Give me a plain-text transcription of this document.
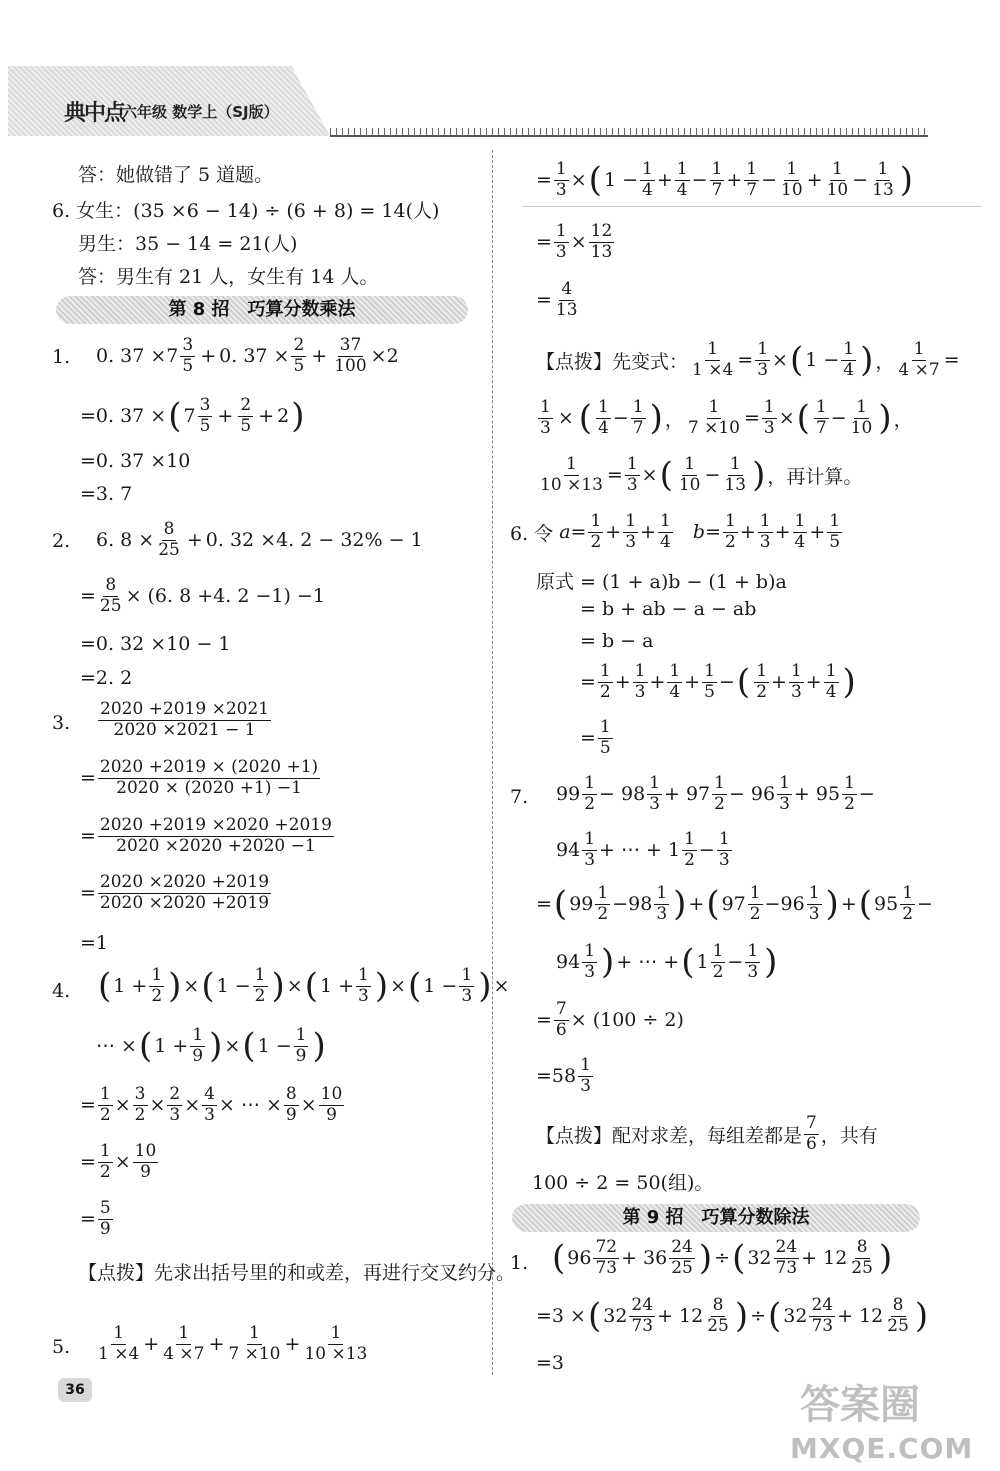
典中点
六年级 数学上（SJ版）
答：她做错了 5 道题。
6. 女生：(35 ×6 − 14) ÷ (6 + 8) = 14(人)
男生：35 − 14 = 21(人)
答：男生有 21 人，女生有 14 人。
第 8 招　巧算分数乘法
1. 0. 37 ×7
3
5 + 0. $37 \times \frac{2}{5} + \frac{37}{100} \times 2$
=0. 37 × ( 7
3
$5 + \frac{2}{5} + 2$ )
=0. 37 ×10
=3. 7
2. 6. 8 ×
8
25 + 0. 32 ×4. 2 − 32% − 1
=
8
25 × (6. 8 +4. 2 −1) −1
=0. 32 ×10 − 1
=2. 2
3.
2020 +2019 ×2021
2020 ×2021 − 1
=
2020 +2019 × (2020 +1)
2020 × (2020 +1) −1
=
2020 +2019 ×2020 +2019
2020 ×2020 +2020 −1
=
2020 ×2020 +2019
2020 ×2020 +2019
=1
4. ( 1 +
1
2 ) × ( 1 −
1
2 ) × ( 1 +
1
3 ) × ( 1 −
1
3 ) ×
⋯ × ( 1 +
1
9 ) × ( 1 −
1
9 )
=
1
2 ×
3
2 ×
2
3 ×
4
3 × ⋯ ×
8
9 ×
10
9
=
1
2 ×
10
9
=
5
9
【点拨】先求出括号里的和或差，再进行交叉约分。
5.
1
1 ×4 +
1
4 ×7 +
1
7 ×10 +
1
10 ×13
=
1
3 × ( 1 −
1
4 +
1
4 −
1
7 +
1
7 −
1
10 +
1
10 −
1
13 )
=
1
3 ×
12
13
=
4
13
【点拨】先变式：
1
1 ×4 =
1
3 × ( 1 −
1
4 ) ，
1
4 ×7 =
$\frac{1}{3}$ × ( 1
4 −
1
7 ) ，
1
7 ×10 =
1
3 × ( 1
7 −
1
10 ) ，
1
10 ×13 =
1
3 × ( 1
10 −
1
13 ) ，再计算。
6. 令
a =
1
2 +
1
3 +
1
4
b =
1
2 +
1
3 +
1
4 +
1
5
原式 = (1 + a)b − (1 + b)a
= b + ab − a − ab
= b − a
=
1
2 +
1
3 +
1
4 +
1
5 − ( 1
2 +
1
3 +
1
4 )
=
1
5
7. 99
1
2 − 98
1
3 + 97
1
2 − 96
1
3 + 95
1
2 −
94
1
3 + ⋯ + 1
1
2 −
1
3
= ( 99
1
2 −98
1
3 ) + ( 97
1
2 −96
1
3 ) + ( 95
1
2 −
94
1
3 ) + ⋯ + ( 1
1
2 −
1
3 )
=
7
6 × (100 ÷ 2)
=58
1
3
【点拨】配对求差，每组差都是
7
6 ，共有
100 ÷ 2 = 50(组)。
第 9 招　巧算分数除法
1. ( 96
72
73 + 36
24
25 ) ÷ ( 32
24
73 + 12
8
25 )
=3 × ( 32
24
73 + 12
8
25 ) ÷ ( 32
24
73 + 12
8
25 )
=3
36	答案圈
MXQE.COM
